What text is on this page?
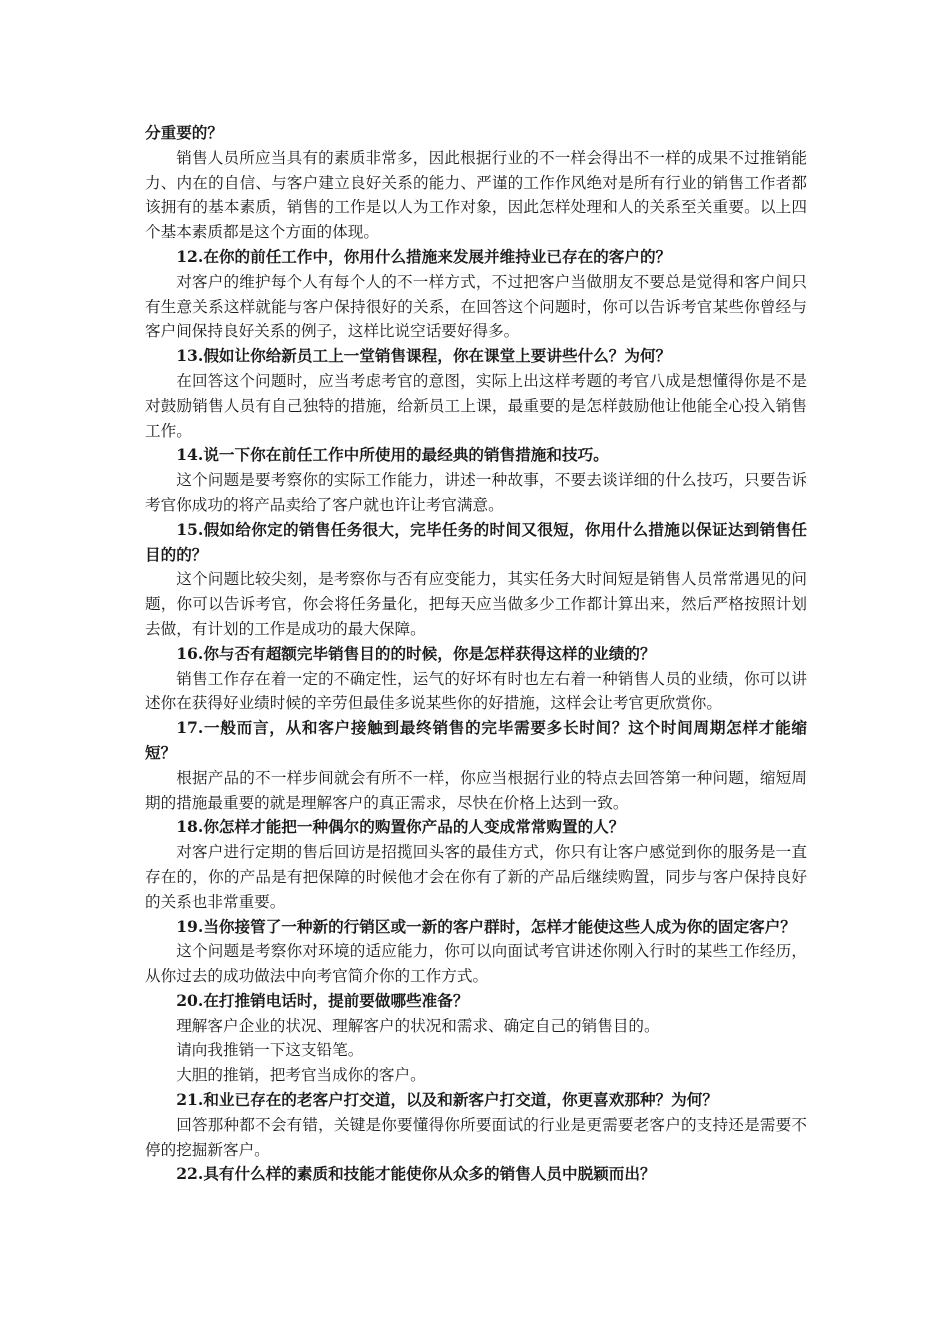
分重要的？

销售人员所应当具有的素质非常多，因此根据行业的不一样会得出不一样的成果不过推销能力、内在的自信、与客户建立良好关系的能力、严谨的工作作风绝对是所有行业的销售工作者都该拥有的基本素质，销售的工作是以人为工作对象，因此怎样处理和人的关系至关重要。以上四个基本素质都是这个方面的体现。

12.在你的前任工作中，你用什么措施来发展并维持业已存在的客户的？

对客户的维护每个人有每个人的不一样方式，不过把客户当做朋友不要总是觉得和客户间只有生意关系这样就能与客户保持很好的关系，在回答这个问题时，你可以告诉考官某些你曾经与客户间保持良好关系的例子，这样比说空话要好得多。

13.假如让你给新员工上一堂销售课程，你在课堂上要讲些什么？为何？

在回答这个问题时，应当考虑考官的意图，实际上出这样考题的考官八成是想懂得你是不是对鼓励销售人员有自己独特的措施，给新员工上课，最重要的是怎样鼓励他让他能全心投入销售工作。

14.说一下你在前任工作中所使用的最经典的销售措施和技巧。

这个问题是要考察你的实际工作能力，讲述一种故事，不要去谈详细的什么技巧，只要告诉考官你成功的将产品卖给了客户就也许让考官满意。

15.假如给你定的销售任务很大，完毕任务的时间又很短，你用什么措施以保证达到销售任目的的？

这个问题比较尖刻，是考察你与否有应变能力，其实任务大时间短是销售人员常常遇见的问题，你可以告诉考官，你会将任务量化，把每天应当做多少工作都计算出来，然后严格按照计划去做，有计划的工作是成功的最大保障。

16.你与否有超额完毕销售目的的时候，你是怎样获得这样的业绩的？

销售工作存在着一定的不确定性，运气的好坏有时也左右着一种销售人员的业绩，你可以讲述你在获得好业绩时候的辛劳但最佳多说某些你的好措施，这样会让考官更欣赏你。

17.一般而言，从和客户接触到最终销售的完毕需要多长时间？这个时间周期怎样才能缩短？

根据产品的不一样步间就会有所不一样，你应当根据行业的特点去回答第一种问题，缩短周期的措施最重要的就是理解客户的真正需求，尽快在价格上达到一致。

18.你怎样才能把一种偶尔的购置你产品的人变成常常购置的人？

对客户进行定期的售后回访是招揽回头客的最佳方式，你只有让客户感觉到你的服务是一直存在的，你的产品是有把保障的时候他才会在你有了新的产品后继续购置，同步与客户保持良好的关系也非常重要。

19.当你接管了一种新的行销区或一新的客户群时，怎样才能使这些人成为你的固定客户？

这个问题是考察你对环境的适应能力，你可以向面试考官讲述你刚入行时的某些工作经历，从你过去的成功做法中向考官简介你的工作方式。

20.在打推销电话时，提前要做哪些准备？

理解客户企业的状况、理解客户的状况和需求、确定自己的销售目的。

请向我推销一下这支铅笔。

大胆的推销，把考官当成你的客户。

21.和业已存在的老客户打交道，以及和新客户打交道，你更喜欢那种？为何？

回答那种都不会有错，关键是你要懂得你所要面试的行业是更需要老客户的支持还是需要不停的挖掘新客户。

22.具有什么样的素质和技能才能使你从众多的销售人员中脱颖而出？
